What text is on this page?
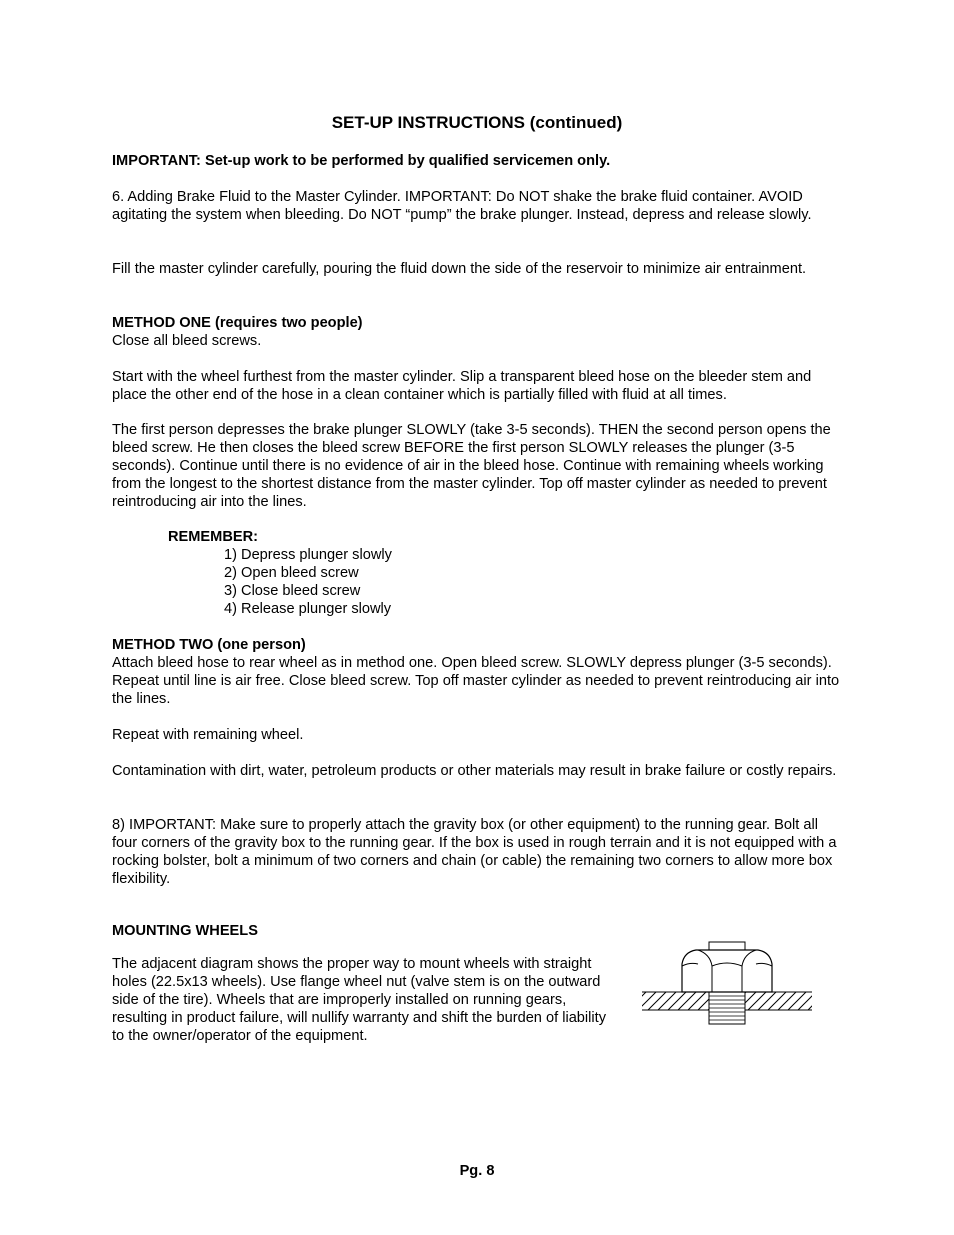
SET-UP INSTRUCTIONS (continued)

IMPORTANT: Set-up work to be performed by qualified servicemen only.

6. Adding Brake Fluid to the Master Cylinder. IMPORTANT: Do NOT shake the brake fluid container. AVOID agitating the system when bleeding. Do NOT “pump” the brake plunger. Instead, depress and release slowly.

Fill the master cylinder carefully, pouring the fluid down the side of the reservoir to minimize air entrainment.

METHOD ONE (requires two people)

Close all bleed screws.

Start with the wheel furthest from the master cylinder. Slip a transparent bleed hose on the bleeder stem and place the other end of the hose in a clean container which is partially filled with fluid at all times.

The first person depresses the brake plunger SLOWLY (take 3-5 seconds). THEN the second person opens the bleed screw. He then closes the bleed screw BEFORE the first person SLOWLY releases the plunger (3-5 seconds). Continue until there is no evidence of air in the bleed hose. Continue with remaining wheels working from the longest to the shortest distance from the master cylinder. Top off master cylinder as needed to prevent reintroducing air into the lines.

REMEMBER:
1) Depress plunger slowly
2) Open bleed screw
3) Close bleed screw
4) Release plunger slowly

METHOD TWO (one person)

Attach bleed hose to rear wheel as in method one. Open bleed screw. SLOWLY depress plunger (3-5 seconds). Repeat until line is air free. Close bleed screw. Top off master cylinder as needed to prevent reintroducing air into the lines.

Repeat with remaining wheel.

Contamination with dirt, water, petroleum products or other materials may result in brake failure or costly repairs.

8) IMPORTANT: Make sure to properly attach the gravity box (or other equipment) to the running gear. Bolt all four corners of the gravity box to the running gear. If the box is used in rough terrain and it is not equipped with a rocking bolster, bolt a minimum of two corners and chain (or cable) the remaining two corners to allow more box flexibility.

MOUNTING WHEELS

The adjacent diagram shows the proper way to mount wheels with straight holes (22.5x13 wheels). Use flange wheel nut (valve stem is on the outward side of the tire). Wheels that are improperly installed on running gears, resulting in product failure, will nullify warranty and shift the burden of liability to the owner/operator of the equipment.

Pg. 8
